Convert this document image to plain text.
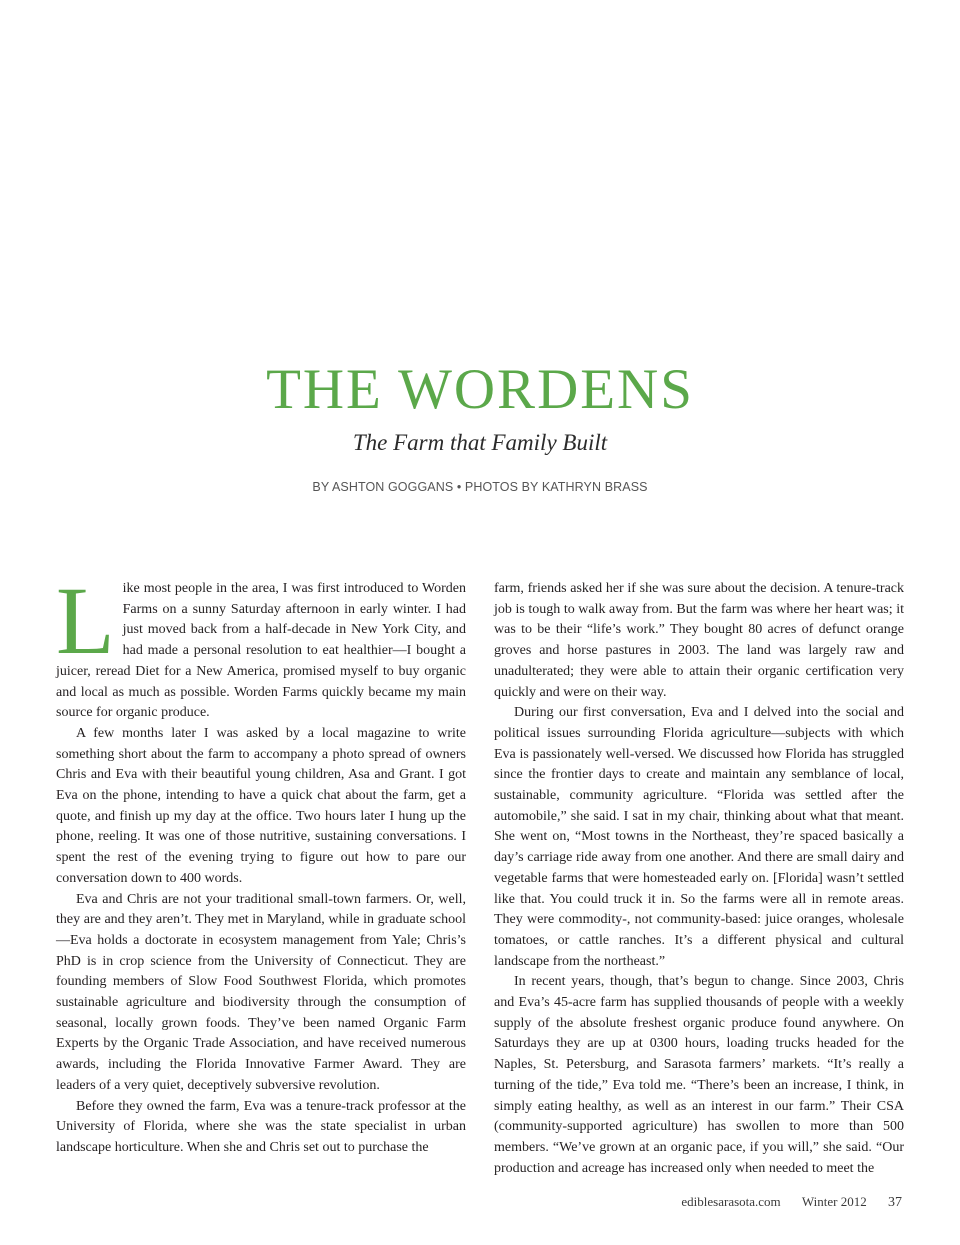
THE WORDENS
The Farm that Family Built
BY ASHTON GOGGANS • PHOTOS BY KATHRYN BRASS

Like most people in the area, I was first introduced to Worden Farms on a sunny Saturday afternoon in early winter. I had just moved back from a half-decade in New York City, and had made a personal resolution to eat healthier—I bought a juicer, reread Diet for a New America, promised myself to buy organic and local as much as possible. Worden Farms quickly became my main source for organic produce.

A few months later I was asked by a local magazine to write something short about the farm to accompany a photo spread of owners Chris and Eva with their beautiful young children, Asa and Grant. I got Eva on the phone, intending to have a quick chat about the farm, get a quote, and finish up my day at the office. Two hours later I hung up the phone, reeling. It was one of those nutritive, sustaining conversations. I spent the rest of the evening trying to figure out how to pare our conversation down to 400 words.

Eva and Chris are not your traditional small-town farmers. Or, well, they are and they aren’t. They met in Maryland, while in graduate school—Eva holds a doctorate in ecosystem management from Yale; Chris’s PhD is in crop science from the University of Connecticut. They are founding members of Slow Food Southwest Florida, which promotes sustainable agriculture and biodiversity through the consumption of seasonal, locally grown foods. They’ve been named Organic Farm Experts by the Organic Trade Association, and have received numerous awards, including the Florida Innovative Farmer Award. They are leaders of a very quiet, deceptively subversive revolution.

Before they owned the farm, Eva was a tenure-track professor at the University of Florida, where she was the state specialist in urban landscape horticulture. When she and Chris set out to purchase the

farm, friends asked her if she was sure about the decision. A tenure-track job is tough to walk away from. But the farm was where her heart was; it was to be their “life’s work.” They bought 80 acres of defunct orange groves and horse pastures in 2003. The land was largely raw and unadulterated; they were able to attain their organic certification very quickly and were on their way.

During our first conversation, Eva and I delved into the social and political issues surrounding Florida agriculture—subjects with which Eva is passionately well-versed. We discussed how Florida has struggled since the frontier days to create and maintain any semblance of local, sustainable, community agriculture. “Florida was settled after the automobile,” she said. I sat in my chair, thinking about what that meant. She went on, “Most towns in the Northeast, they’re spaced basically a day’s carriage ride away from one another. And there are small dairy and vegetable farms that were homesteaded early on. [Florida] wasn’t settled like that. You could truck it in. So the farms were all in remote areas. They were commodity-, not community-based: juice oranges, wholesale tomatoes, or cattle ranches. It’s a different physical and cultural landscape from the northeast.”

In recent years, though, that’s begun to change. Since 2003, Chris and Eva’s 45-acre farm has supplied thousands of people with a weekly supply of the absolute freshest organic produce found anywhere. On Saturdays they are up at 0300 hours, loading trucks headed for the Naples, St. Petersburg, and Sarasota farmers’ markets. “It’s really a turning of the tide,” Eva told me. “There’s been an increase, I think, in simply eating healthy, as well as an interest in our farm.” Their CSA (community-supported agriculture) has swollen to more than 500 members. “We’ve grown at an organic pace, if you will,” she said. “Our production and acreage has increased only when needed to meet the

ediblesarasota.com Winter 2012 37
